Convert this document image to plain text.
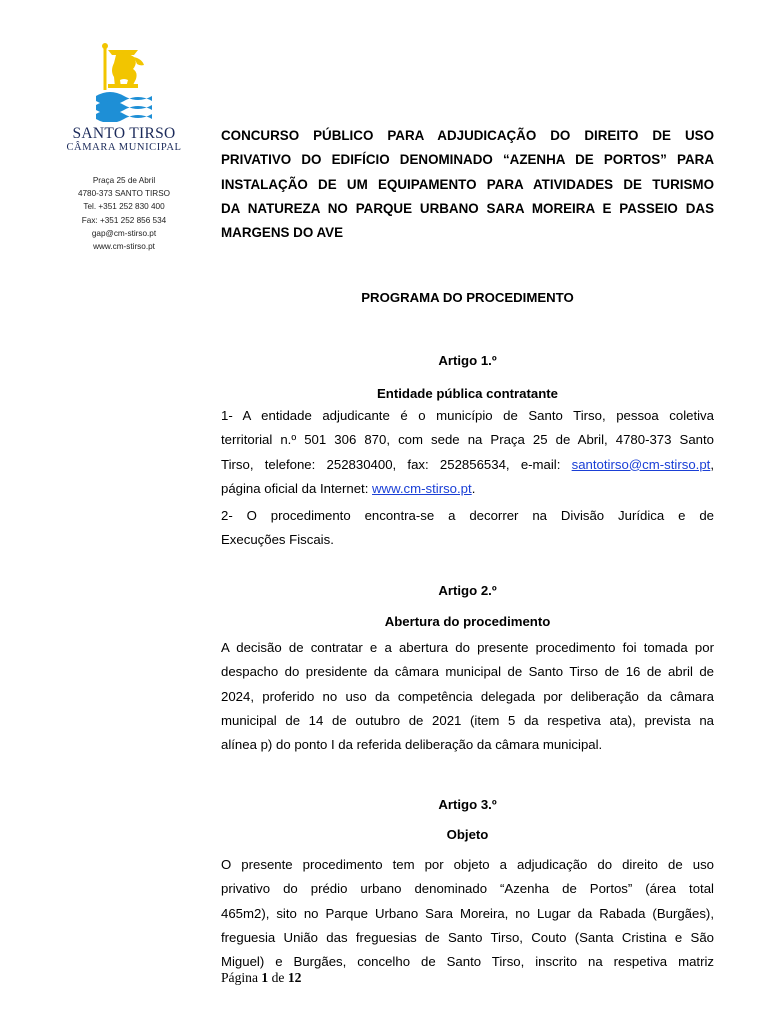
SANTO TIRSO
CÂMARA MUNICIPAL
Praça 25 de Abril
4780-373 SANTO TIRSO
Tel. +351 252 830 400
Fax: +351 252 856 534
gap@cm-stirso.pt
www.cm-stirso.pt
CONCURSO PÚBLICO PARA ADJUDICAÇÃO DO DIREITO DE USO
PRIVATIVO DO EDIFÍCIO DENOMINADO “AZENHA DE PORTOS” PARA
INSTALAÇÃO DE UM EQUIPAMENTO PARA ATIVIDADES DE TURISMO
DA NATUREZA NO PARQUE URBANO SARA MOREIRA E PASSEIO DAS
MARGENS DO AVE
PROGRAMA DO PROCEDIMENTO
Artigo 1.º
Entidade pública contratante
1- A entidade adjudicante é o município de Santo Tirso, pessoa coletiva
territorial n.º 501 306 870, com sede na Praça 25 de Abril, 4780-373 Santo
Tirso, telefone: 252830400, fax: 252856534, e-mail: santotirso@cm-stirso.pt,
página oficial da Internet: www.cm-stirso.pt.
2- O procedimento encontra-se a decorrer na Divisão Jurídica e de
Execuções Fiscais.
Artigo 2.º
Abertura do procedimento
A decisão de contratar e a abertura do presente procedimento foi tomada por
despacho do presidente da câmara municipal de Santo Tirso de 16 de abril de
2024, proferido no uso da competência delegada por deliberação da câmara
municipal de 14 de outubro de 2021 (item 5 da respetiva ata), prevista na
alínea p) do ponto I da referida deliberação da câmara municipal.
Artigo 3.º
Objeto
O presente procedimento tem por objeto a adjudicação do direito de uso
privativo do prédio urbano denominado “Azenha de Portos” (área total
465m2), sito no Parque Urbano Sara Moreira, no Lugar da Rabada (Burgães),
freguesia União das freguesias de Santo Tirso, Couto (Santa Cristina e São
Miguel) e Burgães, concelho de Santo Tirso, inscrito na respetiva matriz
Página 1 de 12
